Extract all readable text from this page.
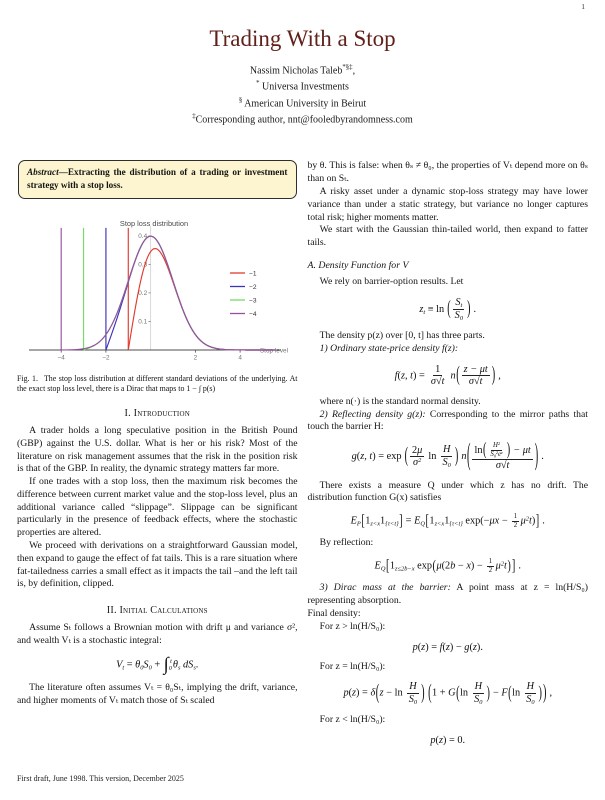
1
Trading With a Stop
Nassim Nicholas Taleb*§‡,
* Universa Investments
§ American University in Beirut
‡Corresponding author, nnt@fooledbyrandomness.com
Abstract—Extracting the distribution of a trading or investment strategy with a stop loss.
−4	−2	2	4
0.1
0.2
0.3
0.4
Stop loss distribution
Stop level
−1
−2
−3
−4
Fig. 1. The stop loss distribution at different standard deviations of the underlying. At the exact stop loss level, there is a Dirac that maps to 1 − ∫ p(s)
I. Introduction

A trader holds a long speculative position in the British Pound (GBP) against the U.S. dollar. What is her or his risk? Most of the literature on risk management assumes that the risk in the position risk is that of the GBP. In reality, the dynamic strategy matters far more.

If one trades with a stop loss, then the maximum risk becomes the difference between current market value and the stop-loss level, plus an additional variance called “slippage”. Slippage can be significant particularly in the presence of feedback effects, where the stochastic properties are altered.

We proceed with derivations on a straightforward Gaussian model, then expand to gauge the effect of fat tails. This is a rare situation where fat-tailedness carries a small effect as it impacts the tail –and the left tail is, by definition, clipped.

II. Initial Calculations

Assume Sₜ follows a Brownian motion with drift μ and variance σ², and wealth Vₜ is a stochastic integral:

Vt = θ0S0 + ∫ t
0 θs dSs.

The literature often assumes Vₜ = θ₀Sₜ, implying the drift, variance, and higher moments of Vₜ match those of Sₜ scaled

by θ. This is false: when θₛ ≠ θ₀, the properties of Vₜ depend more on θₛ than on Sₜ.

A risky asset under a dynamic stop-loss strategy may have lower variance than under a static strategy, but variance no longer captures total risk; higher moments matter.

We start with the Gaussian thin-tailed world, then expand to fatter tails.

A. Density Function for V

We rely on barrier-option results. Let

zt ≡ ln ( $\frac{St}{S0}$ ) .

The density p(z) over [0, t] has three parts.

1) Ordinary state-price density f(z):

f(z, $t) = \frac{1}{\sigma√t} n( \frac{z - \mu t}{\sigma√t}$ ) ,

where n(·) is the standard normal density.

2) Reflecting density g(z): Corresponding to the mirror paths that touch the barrier H:

g(z, t) = exp ( $\frac{2\mu}{\sigma^2}$ $\ln \frac{H}{S0}$ ) $n( \frac{\ln( \frac{H^2}{S0^2e^z} ) - \mu t}{\sigma√t}$ ) .

There exists a measure Q under which z has no drift. The distribution function G(x) satisfies

EP[1z<x1{τ<t}] = EQ[1z<x1{τ<t} $\exp(-\mu x - \frac{1}{2} \mu^2t)$] .

By reflection:

EQ[1z≤2b−x $\exp(\mu(2b - x) - \frac{1}{2} \mu^2t)$] .

3) Dirac mass at the barrier: A point mass at z = ln(H/S₀) representing absorption.

Final density:

For z > ln(H/S₀):

p(z) = f(z) − g(z).

For z = ln(H/S₀):

$p(z) = \delta(z - \ln \frac{H}{S0}$ ) ($1 + G(\ln \frac{H}{S0}$ ) − $F(\ln \frac{H}{S0}$ )) ,

For z < ln(H/S₀):

p(z) = 0.
First draft, June 1998. This version, December 2025
